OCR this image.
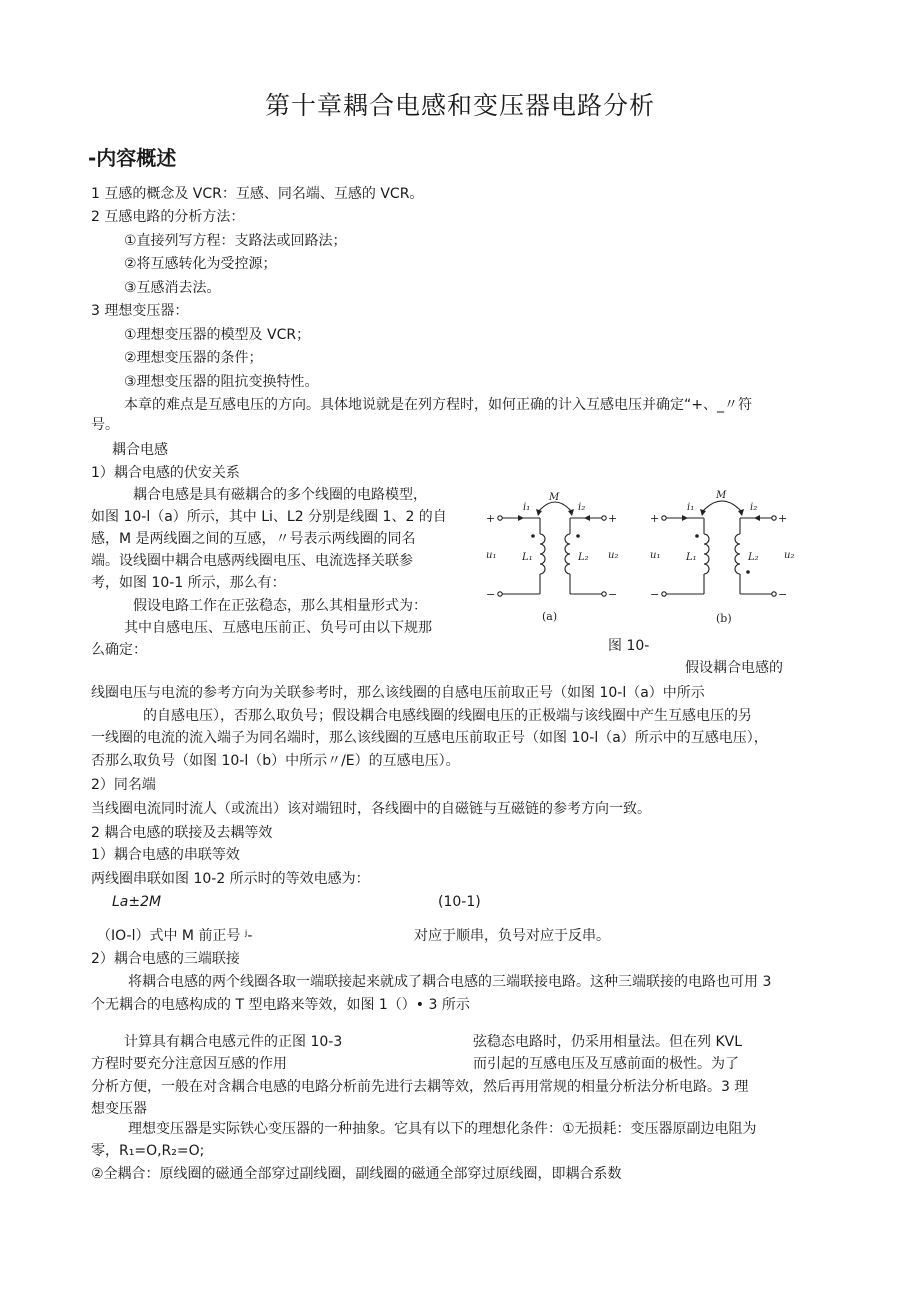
第十章耦合电感和变压器电路分析
-内容概述
1 互感的概念及 VCR：互感、同名端、互感的 VCR。
2 互感电路的分析方法：
①直接列写方程：支路法或回路法；
②将互感转化为受控源；
③互感消去法。
3 理想变压器：
①理想变压器的模型及 VCR；
②理想变压器的条件；
③理想变压器的阻抗变换特性。
本章的难点是互感电压的方向。具体地说就是在列方程时，如何正确的计入互感电压并确定“+、_〃符
号。
耦合电感
1）耦合电感的伏安关系
耦合电感是具有磁耦合的多个线圈的电路模型，
如图 10-l（a）所示，其中 Li、L2 分别是线圈 1、2 的自
感，M 是两线圈之间的互感，〃号表示两线圈的同名
端。设线圈中耦合电感两线圈电压、电流选择关联参
考，如图 10-1 所示，那么有：
假设电路工作在正弦稳态，那么其相量形式为：
其中自感电压、互感电压前正、负号可由以下规那
么确定：	图 10-
假设耦合电感的
线圈电压与电流的参考方向为关联参考时，那么该线圈的自感电压前取正号（如图 10-l（a）中所示
的自感电压），否那么取负号；假设耦合电感线圈的线圈电压的正极端与该线圈中产生互感电压的另
一线圈的电流的流入端子为同名端时，那么该线圈的互感电压前取正号（如图 10-l（a）所示中的互感电压），
否那么取负号（如图 10-l（b）中所示〃/E）的互感电压）。
2）同名端
当线圈电流同时流人（或流出）该对端钮时，各线圈中的自磁链与互磁链的参考方向一致。
2 耦合电感的联接及去耦等效
1）耦合电感的串联等效
两线圈串联如图 10-2 所示时的等效电感为：
La±2M	(10-1)
（IO-l）式中 M 前正号 ʲ-	对应于顺串，负号对应于反串。
2）耦合电感的三端联接
将耦合电感的两个线圈各取一端联接起来就成了耦合电感的三端联接电路。这种三端联接的电路也可用 3
个无耦合的电感构成的 T 型电路来等效，如图 1（）• 3 所示
计算具有耦合电感元件的正图 10-3	弦稳态电路时，仍采用相量法。但在列 KVL
方程时要充分注意因互感的作用	而引起的互感电压及互感前面的极性。为了
分析方便，一般在对含耦合电感的电路分析前先进行去耦等效，然后再用常规的相量分析法分析电路。3 理
想变压器
理想变压器是实际铁心变压器的一种抽象。它具有以下的理想化条件：①无损耗：变压器原副边电阻为
零，R₁=O,R₂=O;
②全耦合：原线圈的磁通全部穿过副线圈，副线圈的磁通全部穿过原线圈，即耦合系数
i₁	i₂
M
u₁	u₂
L₁	L₂
i₁	i₂
M
u₁	u₂
L₁	L₂
+	+
−	−
+	+
−	−
(a)	(b)
